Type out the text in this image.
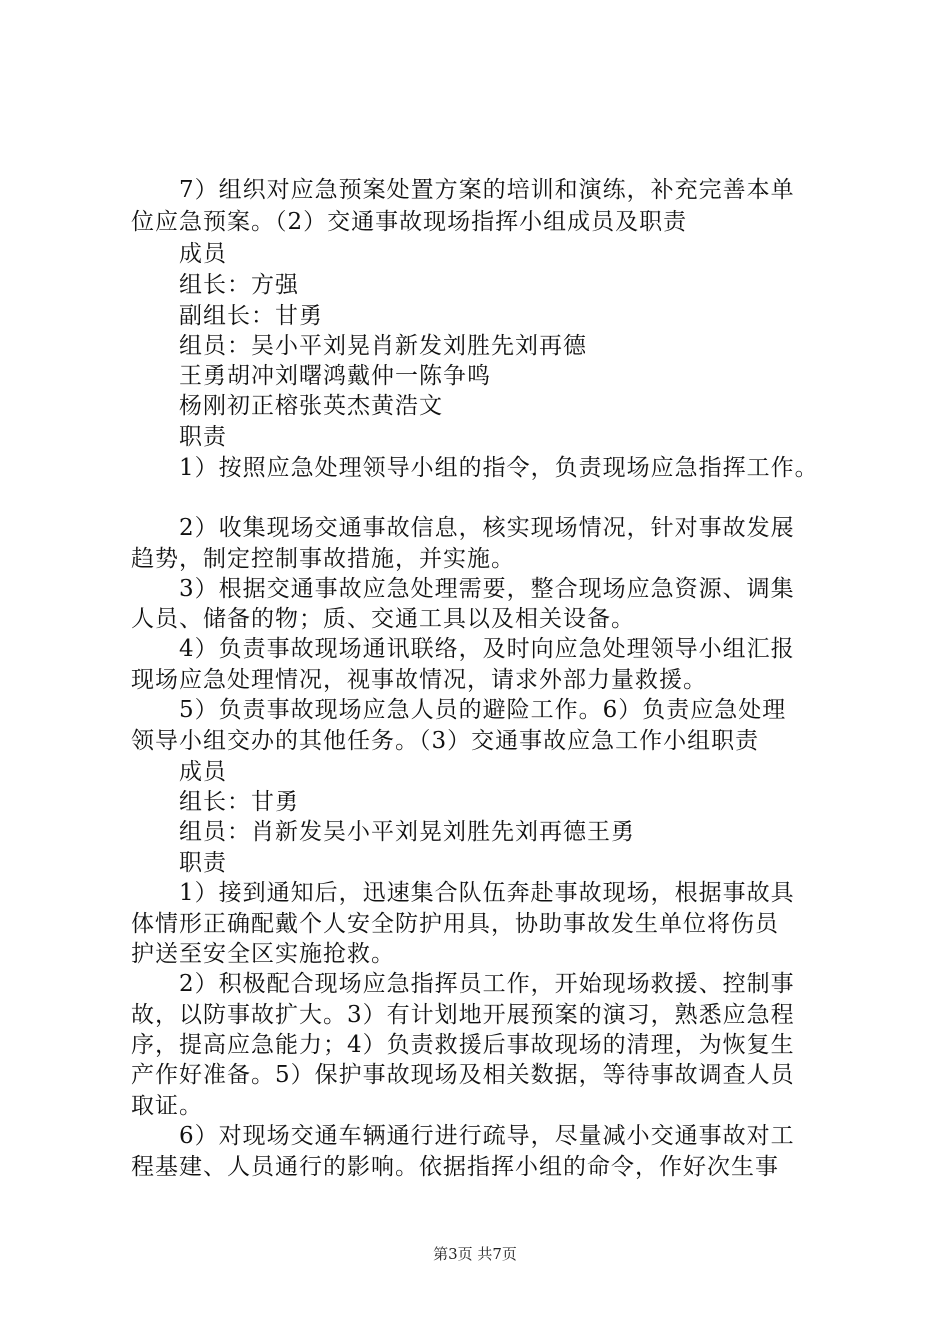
7）组织对应急预案处置方案的培训和演练，补充完善本单
位应急预案。（2）交通事故现场指挥小组成员及职责
成员
组长：方强
副组长：甘勇
组员：吴小平刘晃肖新发刘胜先刘再德
王勇胡冲刘曙鸿戴仲一陈争鸣
杨刚初正榕张英杰黄浩文
职责
1）按照应急处理领导小组的指令，负责现场应急指挥工作。
2）收集现场交通事故信息，核实现场情况，针对事故发展
趋势，制定控制事故措施，并实施。
3）根据交通事故应急处理需要，整合现场应急资源、调集
人员、储备的物；质、交通工具以及相关设备。
4）负责事故现场通讯联络，及时向应急处理领导小组汇报
现场应急处理情况，视事故情况，请求外部力量救援。
5）负责事故现场应急人员的避险工作。6）负责应急处理
领导小组交办的其他任务。（3）交通事故应急工作小组职责
成员
组长：甘勇
组员：肖新发吴小平刘晃刘胜先刘再德王勇
职责
1）接到通知后，迅速集合队伍奔赴事故现场，根据事故具
体情形正确配戴个人安全防护用具，协助事故发生单位将伤员
护送至安全区实施抢救。
2）积极配合现场应急指挥员工作，开始现场救援、控制事
故，以防事故扩大。3）有计划地开展预案的演习，熟悉应急程
序，提高应急能力；4）负责救援后事故现场的清理，为恢复生
产作好准备。5）保护事故现场及相关数据，等待事故调查人员
取证。
6）对现场交通车辆通行进行疏导，尽量减小交通事故对工
程基建、人员通行的影响。依据指挥小组的命令，作好次生事
第3页 共7页
